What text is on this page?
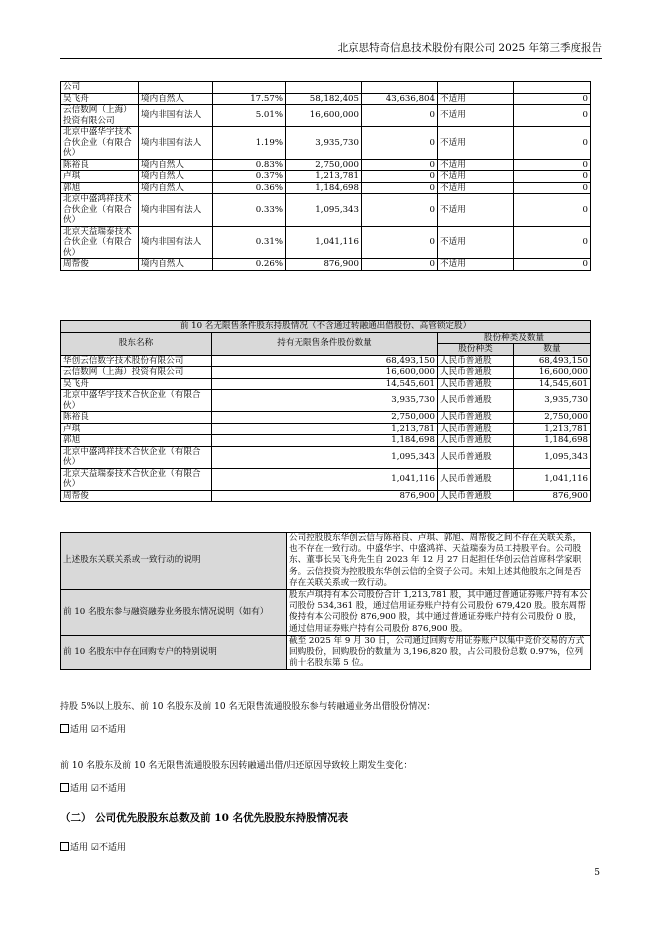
北京思特奇信息技术股份有限公司 2025 年第三季度报告
公司						
吴飞舟	境内自然人	17.57%	58,182,405	43,636,804	不适用	0
云信数网（上海）投资有限公司	境内非国有法人	5.01%	16,600,000	0	不适用	0
北京中盛华宇技术合伙企业（有限合伙）	境内非国有法人	1.19%	3,935,730	0	不适用	0
陈裕良	境内自然人	0.83%	2,750,000	0	不适用	0
卢琪	境内自然人	0.37%	1,213,781	0	不适用	0
郭旭	境内自然人	0.36%	1,184,698	0	不适用	0
北京中盛鸿祥技术合伙企业（有限合伙）	境内非国有法人	0.33%	1,095,343	0	不适用	0
北京天益瑞泰技术合伙企业（有限合伙）	境内非国有法人	0.31%	1,041,116	0	不适用	0
周帮俊	境内自然人	0.26%	876,900	0	不适用	0
前 10 名无限售条件股东持股情况（不含通过转融通出借股份、高管锁定股）			
股东名称	持有无限售条件股份数量	股份种类及数量	
		股份种类	数量
华创云信数字技术股份有限公司	68,493,150	人民币普通股	68,493,150
云信数网（上海）投资有限公司	16,600,000	人民币普通股	16,600,000
吴飞舟	14,545,601	人民币普通股	14,545,601
北京中盛华宇技术合伙企业（有限合伙）	3,935,730	人民币普通股	3,935,730
陈裕良	2,750,000	人民币普通股	2,750,000
卢琪	1,213,781	人民币普通股	1,213,781
郭旭	1,184,698	人民币普通股	1,184,698
北京中盛鸿祥技术合伙企业（有限合伙）	1,095,343	人民币普通股	1,095,343
北京天益瑞泰技术合伙企业（有限合伙）	1,041,116	人民币普通股	1,041,116
周帮俊	876,900	人民币普通股	876,900
上述股东关联关系或一致行动的说明	公司控股股东华创云信与陈裕良、卢琪、郭旭、周帮俊之间不存在关联关系，也不存在一致行动。中盛华宇、中盛鸿祥、天益瑞泰为员工持股平台。公司股东、董事长吴飞舟先生自 2023 年 12 月 27 日起担任华创云信首席科学家职务。云信投资为控股股东华创云信的全资子公司。未知上述其他股东之间是否存在关联关系或一致行动。
前 10 名股东参与融资融券业务股东情况说明（如有）	股东卢琪持有本公司股份合计 1,213,781 股，其中通过普通证券账户持有本公司股份 534,361 股，通过信用证券账户持有公司股份 679,420 股。股东周帮俊持有本公司股份 876,900 股，其中通过普通证券账户持有公司股份 0 股，通过信用证券账户持有公司股份 876,900 股。
前 10 名股东中存在回购专户的特别说明	截至 2025 年 9 月 30 日，公司通过回购专用证券账户以集中竞价交易的方式回购股份，回购股份的数量为 3,196,820 股，占公司股份总数 0.97%，位列前十名股东第 5 位。
持股 5%以上股东、前 10 名股东及前 10 名无限售流通股股东参与转融通业务出借股份情况：
适用 ☑不适用
前 10 名股东及前 10 名无限售流通股股东因转融通出借/归还原因导致较上期发生变化：
适用 ☑不适用
（二） 公司优先股股东总数及前 10 名优先股股东持股情况表
适用 ☑不适用
5
